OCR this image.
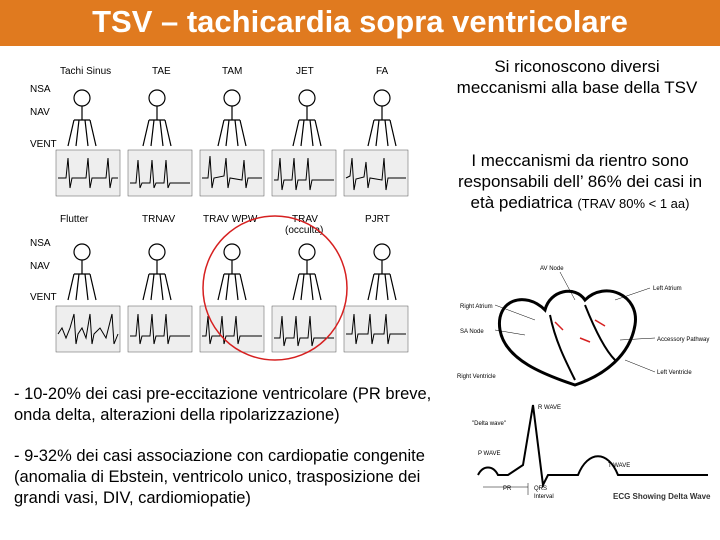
TSV – tachicardia sopra ventricolare
Tachi Sinus	TAE	TAM	JET	FA
NSA
NAV
VENT
Flutter	TRNAV	TRAV WPW	TRAV
(occulta)
PJRT
NSA
NAV
VENT
Si riconoscono diversi meccanismi alla base della TSV
I meccanismi da rientro sono responsabili dell’ 86% dei casi in età pediatrica (TRAV 80% < 1 aa)
AV Node
Left Atrium
Right Atrium
SA Node
Accessory Pathway
Left Ventricle
Right Ventricle
R WAVE
"Delta wave"
P WAVE
T WAVE
PR	QRS
Interval	ECG Showing Delta Wave
- 10-20% dei casi pre-eccitazione ventricolare (PR breve, onda delta, alterazioni della ripolarizzazione)
- 9-32% dei casi associazione con cardiopatie congenite (anomalia di Ebstein, ventricolo unico, trasposizione dei grandi vasi, DIV, cardiomiopatie)
